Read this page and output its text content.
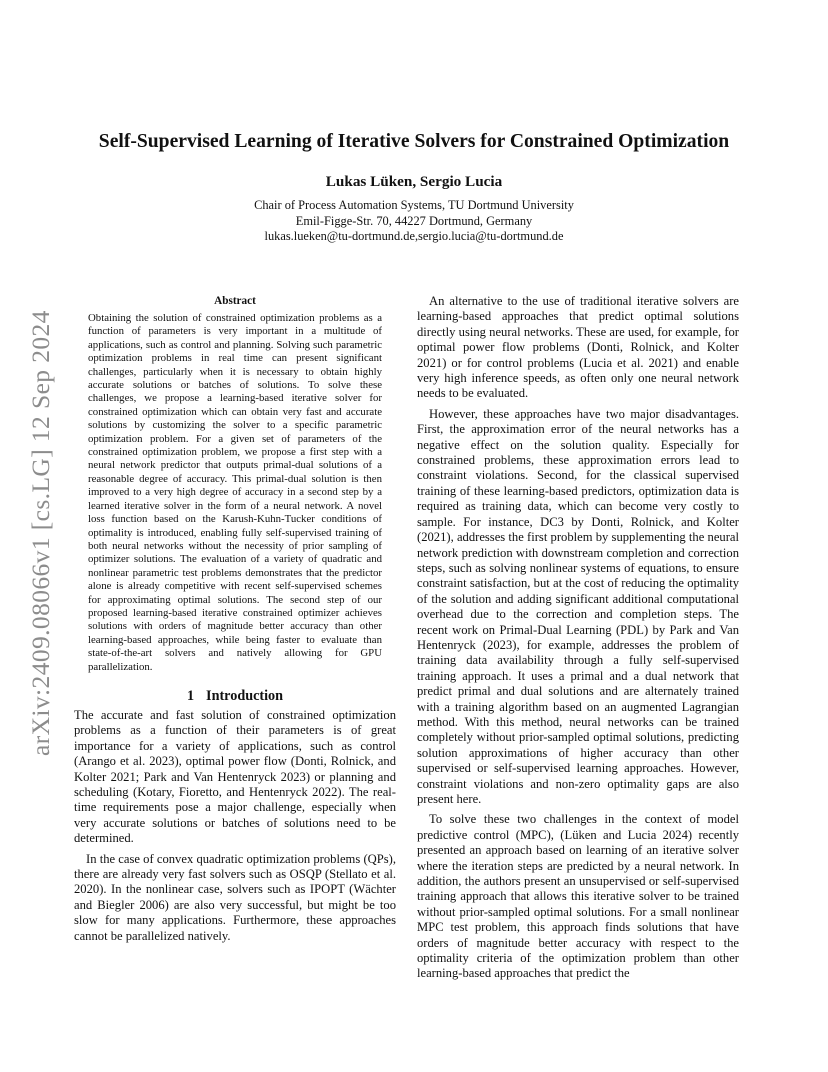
arXiv:2409.08066v1 [cs.LG] 12 Sep 2024
Self-Supervised Learning of Iterative Solvers for Constrained Optimization
Lukas Lüken, Sergio Lucia
Chair of Process Automation Systems, TU Dortmund University
Emil-Figge-Str. 70, 44227 Dortmund, Germany
lukas.lueken@tu-dortmund.de,sergio.lucia@tu-dortmund.de
Abstract

Obtaining the solution of constrained optimization problems as a function of parameters is very important in a multitude of applications, such as control and planning. Solving such parametric optimization problems in real time can present significant challenges, particularly when it is necessary to obtain highly accurate solutions or batches of solutions. To solve these challenges, we propose a learning-based iterative solver for constrained optimization which can obtain very fast and accurate solutions by customizing the solver to a specific parametric optimization problem. For a given set of parameters of the constrained optimization problem, we propose a first step with a neural network predictor that outputs primal-dual solutions of a reasonable degree of accuracy. This primal-dual solution is then improved to a very high degree of accuracy in a second step by a learned iterative solver in the form of a neural network. A novel loss function based on the Karush-Kuhn-Tucker conditions of optimality is introduced, enabling fully self-supervised training of both neural networks without the necessity of prior sampling of optimizer solutions. The evaluation of a variety of quadratic and nonlinear parametric test problems demonstrates that the predictor alone is already competitive with recent self-supervised schemes for approximating optimal solutions. The second step of our proposed learning-based iterative constrained optimizer achieves solutions with orders of magnitude better accuracy than other learning-based approaches, while being faster to evaluate than state-of-the-art solvers and natively allowing for GPU parallelization.

1 Introduction

The accurate and fast solution of constrained optimization problems as a function of their parameters is of great importance for a variety of applications, such as control (Arango et al. 2023), optimal power flow (Donti, Rolnick, and Kolter 2021; Park and Van Hentenryck 2023) or planning and scheduling (Kotary, Fioretto, and Hentenryck 2022). The real-time requirements pose a major challenge, especially when very accurate solutions or batches of solutions need to be determined.

In the case of convex quadratic optimization problems (QPs), there are already very fast solvers such as OSQP (Stellato et al. 2020). In the nonlinear case, solvers such as IPOPT (Wächter and Biegler 2006) are also very successful, but might be too slow for many applications. Furthermore, these approaches cannot be parallelized natively.

An alternative to the use of traditional iterative solvers are learning-based approaches that predict optimal solutions directly using neural networks. These are used, for example, for optimal power flow problems (Donti, Rolnick, and Kolter 2021) or for control problems (Lucia et al. 2021) and enable very high inference speeds, as often only one neural network needs to be evaluated.

However, these approaches have two major disadvantages. First, the approximation error of the neural networks has a negative effect on the solution quality. Especially for constrained problems, these approximation errors lead to constraint violations. Second, for the classical supervised training of these learning-based predictors, optimization data is required as training data, which can become very costly to sample. For instance, DC3 by Donti, Rolnick, and Kolter (2021), addresses the first problem by supplementing the neural network prediction with downstream completion and correction steps, such as solving nonlinear systems of equations, to ensure constraint satisfaction, but at the cost of reducing the optimality of the solution and adding significant additional computational overhead due to the correction and completion steps. The recent work on Primal-Dual Learning (PDL) by Park and Van Hentenryck (2023), for example, addresses the problem of training data availability through a fully self-supervised training approach. It uses a primal and a dual network that predict primal and dual solutions and are alternately trained with a training algorithm based on an augmented Lagrangian method. With this method, neural networks can be trained completely without prior-sampled optimal solutions, predicting solution approximations of higher accuracy than other supervised or self-supervised learning approaches. However, constraint violations and non-zero optimality gaps are also present here.

To solve these two challenges in the context of model predictive control (MPC), (Lüken and Lucia 2024) recently presented an approach based on learning of an iterative solver where the iteration steps are predicted by a neural network. In addition, the authors present an unsupervised or self-supervised training approach that allows this iterative solver to be trained without prior-sampled optimal solutions. For a small nonlinear MPC test problem, this approach finds solutions that have orders of magnitude better accuracy with respect to the optimality criteria of the optimization problem than other learning-based approaches that predict the
